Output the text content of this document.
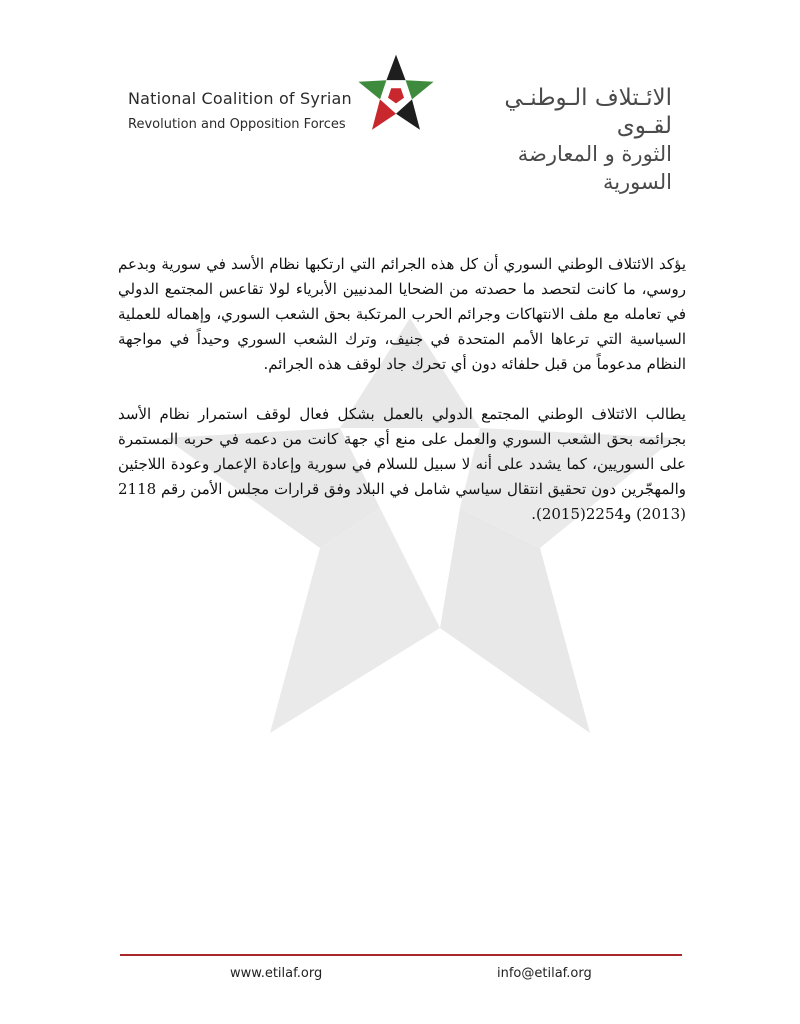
National Coalition of Syrian
Revolution and Opposition Forces
الائـتلاف الـوطنـي لقـوى
الثورة و المعارضة السورية

يؤكد الائتلاف الوطني السوري أن كل هذه الجرائم التي ارتكبها نظام الأسد في سورية وبدعم روسي، ما كانت لتحصد ما حصدته من الضحايا المدنيين الأبرياء لولا تقاعس المجتمع الدولي في تعامله مع ملف الانتهاكات وجرائم الحرب المرتكبة بحق الشعب السوري، وإهماله للعملية السياسية التي ترعاها الأمم المتحدة في جنيف، وترك الشعب السوري وحيداً في مواجهة النظام مدعوماً من قبل حلفائه دون أي تحرك جاد لوقف هذه الجرائم.

يطالب الائتلاف الوطني المجتمع الدولي بالعمل بشكل فعال لوقف استمرار نظام الأسد بجرائمه بحق الشعب السوري والعمل على منع أي جهة كانت من دعمه في حربه المستمرة على السوريين، كما يشدد على أنه لا سبيل للسلام في سورية وإعادة الإعمار وعودة اللاجئين والمهجّرين دون تحقيق انتقال سياسي شامل في البلاد وفق قرارات مجلس الأمن رقم 2118 (2013) و2254(2015).

www.etilaf.org	info@etilaf.org
